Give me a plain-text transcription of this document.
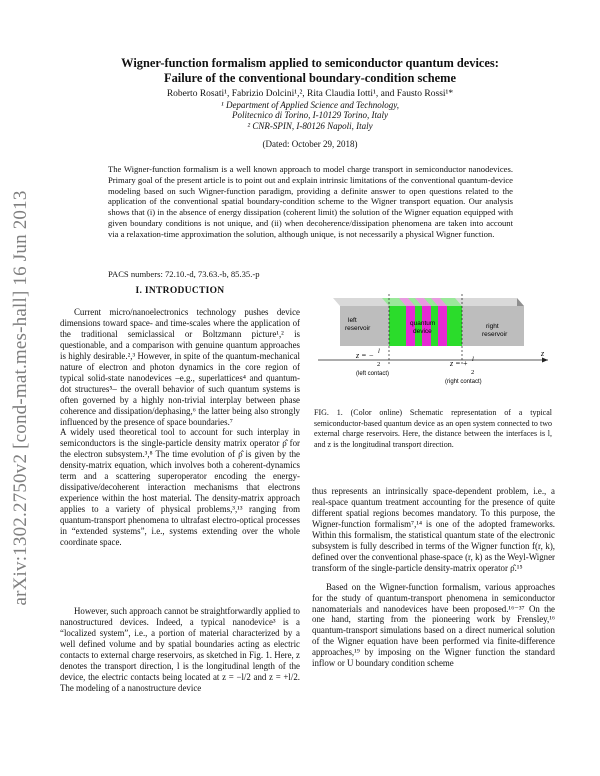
arXiv:1302.2750v2 [cond-mat.mes-hall] 16 Jun 2013
Wigner-function formalism applied to semiconductor quantum devices:
Failure of the conventional boundary-condition scheme
Roberto Rosati¹, Fabrizio Dolcini¹,², Rita Claudia Iotti¹, and Fausto Rossi¹*
¹ Department of Applied Science and Technology,
Politecnico di Torino, I-10129 Torino, Italy
² CNR-SPIN, I-80126 Napoli, Italy
(Dated: October 29, 2018)
The Wigner-function formalism is a well known approach to model charge transport in semiconductor nanodevices. Primary goal of the present article is to point out and explain intrinsic limitations of the conventional quantum-device modeling based on such Wigner-function paradigm, providing a definite answer to open questions related to the application of the conventional spatial boundary-condition scheme to the Wigner transport equation. Our analysis shows that (i) in the absence of energy dissipation (coherent limit) the solution of the Wigner equation equipped with given boundary conditions is not unique, and (ii) when decoherence/dissipation phenomena are taken into account via a relaxation-time approximation the solution, although unique, is not necessarily a physical Wigner function.
PACS numbers: 72.10.-d, 73.63.-b, 85.35.-p
I. INTRODUCTION

Current micro/nanoelectronics technology pushes device dimensions toward space- and time-scales where the application of the traditional semiclassical or Boltzmann picture¹,² is questionable, and a comparison with genuine quantum approaches is highly desirable.²,³ However, in spite of the quantum-mechanical nature of electron and photon dynamics in the core region of typical solid-state nanodevices –e.g., superlattices⁴ and quantum-dot structures⁵– the overall behavior of such quantum systems is often governed by a highly non-trivial interplay between phase coherence and dissipation/dephasing,⁶ the latter being also strongly influenced by the presence of space boundaries.⁷

A widely used theoretical tool to account for such interplay in semiconductors is the single-particle density matrix operator ρ̂ for the electron subsystem.³,⁸ The time evolution of ρ̂ is given by the density-matrix equation, which involves both a coherent-dynamics term and a scattering superoperator encoding the energy-dissipative/decoherent interaction mechanisms that electrons experience within the host material. The density-matrix approach applies to a variety of physical problems,³,¹³ ranging from quantum-transport phenomena to ultrafast electro-optical processes in “extended systems”, i.e., systems extending over the whole coordinate space.

However, such approach cannot be straightforwardly applied to nanostructured devices. Indeed, a typical nanodevice³ is a “localized system”, i.e., a portion of material characterized by a well defined volume and by spatial boundaries acting as electric contacts to external charge reservoirs, as sketched in Fig. 1. Here, z denotes the transport direction, l is the longitudinal length of the device, the electric contacts being located at z = −l/2 and z = +l/2. The modeling of a nanostructure device

left
reservoir
quantum
device
right
reservoir
z
z = − l
2	z = + l
2
(left contact)
(right contact)
FIG. 1. (Color online) Schematic representation of a typical semiconductor-based quantum device as an open system connected to two external charge reservoirs. Here, the distance between the interfaces is l, and z is the longitudinal transport direction.

thus represents an intrinsically space-dependent problem, i.e., a real-space quantum treatment accounting for the presence of quite different spatial regions becomes mandatory. To this purpose, the Wigner-function formalism⁷,¹⁴ is one of the adopted frameworks. Within this formalism, the statistical quantum state of the electronic subsystem is fully described in terms of the Wigner function f(r, k), defined over the conventional phase-space (r, k) as the Weyl-Wigner transform of the single-particle density-matrix operator ρ̂.¹⁵

Based on the Wigner-function formalism, various approaches for the study of quantum-transport phenomena in semiconductor nanomaterials and nanodevices have been proposed.¹⁶⁻³⁷ On the one hand, starting from the pioneering work by Frensley,¹⁶ quantum-transport simulations based on a direct numerical solution of the Wigner equation have been performed via finite-difference approaches,¹⁹ by imposing on the Wigner function the standard inflow or U boundary condition scheme
